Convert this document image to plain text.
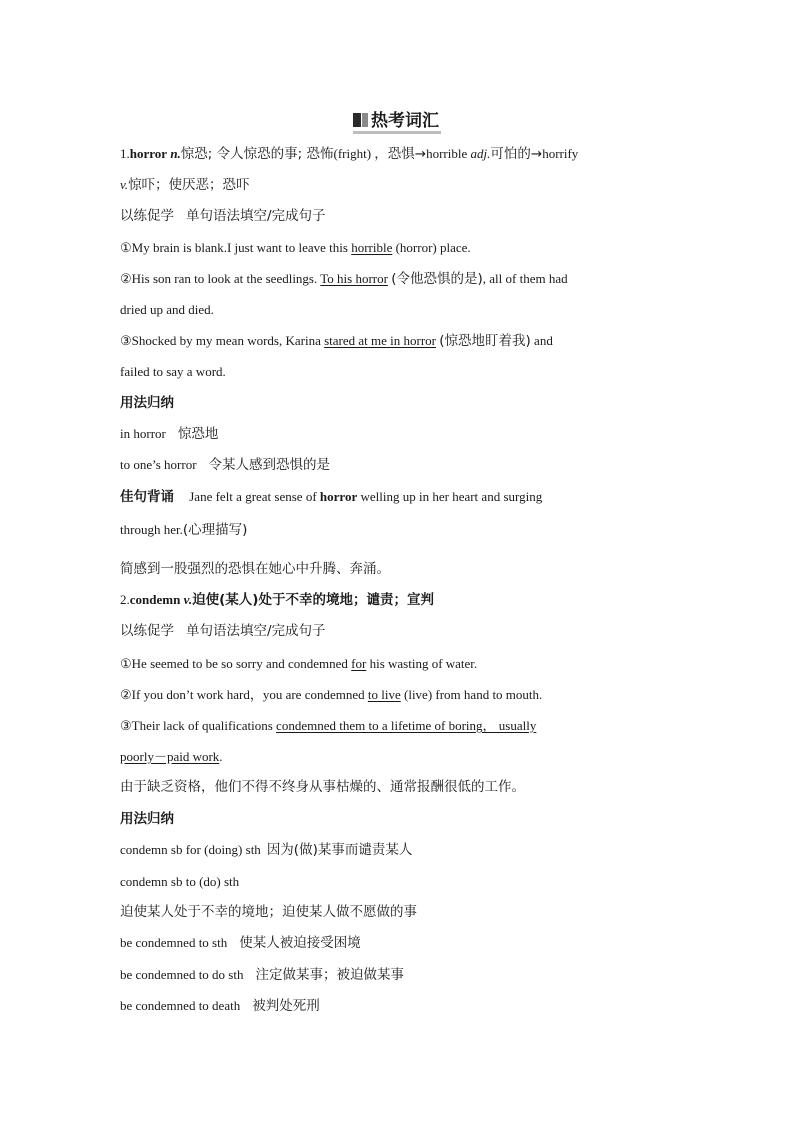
热考词汇
1.horror n.惊恐; 令人惊恐的事; 恐怖(fright) ，恐惧→horrible adj.可怕的→horrify
v.惊吓；使厌恶；恐吓
以练促学 单句语法填空/完成句子
①My brain is blank.I just want to leave this horrible (horror) place.
②His son ran to look at the seedlings. To his horror (令他恐惧的是), all of them had
dried up and died.
③Shocked by my mean words, Karina stared at me in horror (惊恐地盯着我) and
failed to say a word.
用法归纳
in horror 惊恐地
to one’s horror 令某人感到恐惧的是
佳句背诵 Jane felt a great sense of horror welling up in her heart and surging
through her.(心理描写)
简感到一股强烈的恐惧在她心中升腾、奔涌。
2.condemn v.迫使(某人)处于不幸的境地；谴责；宣判
以练促学 单句语法填空/完成句子
①He seemed to be so sorry and condemned for his wasting of water.
②If you don’t work hard，you are condemned to live (live) from hand to mouth.
③Their lack of qualifications condemned them to a lifetime of boring， usually
poorly－paid work.
由于缺乏资格，他们不得不终身从事枯燥的、通常报酬很低的工作。
用法归纳
condemn sb for (doing) sth 因为(做)某事而谴责某人
condemn sb to (do) sth
迫使某人处于不幸的境地；迫使某人做不愿做的事
be condemned to sth 使某人被迫接受困境
be condemned to do sth 注定做某事；被迫做某事
be condemned to death 被判处死刑
